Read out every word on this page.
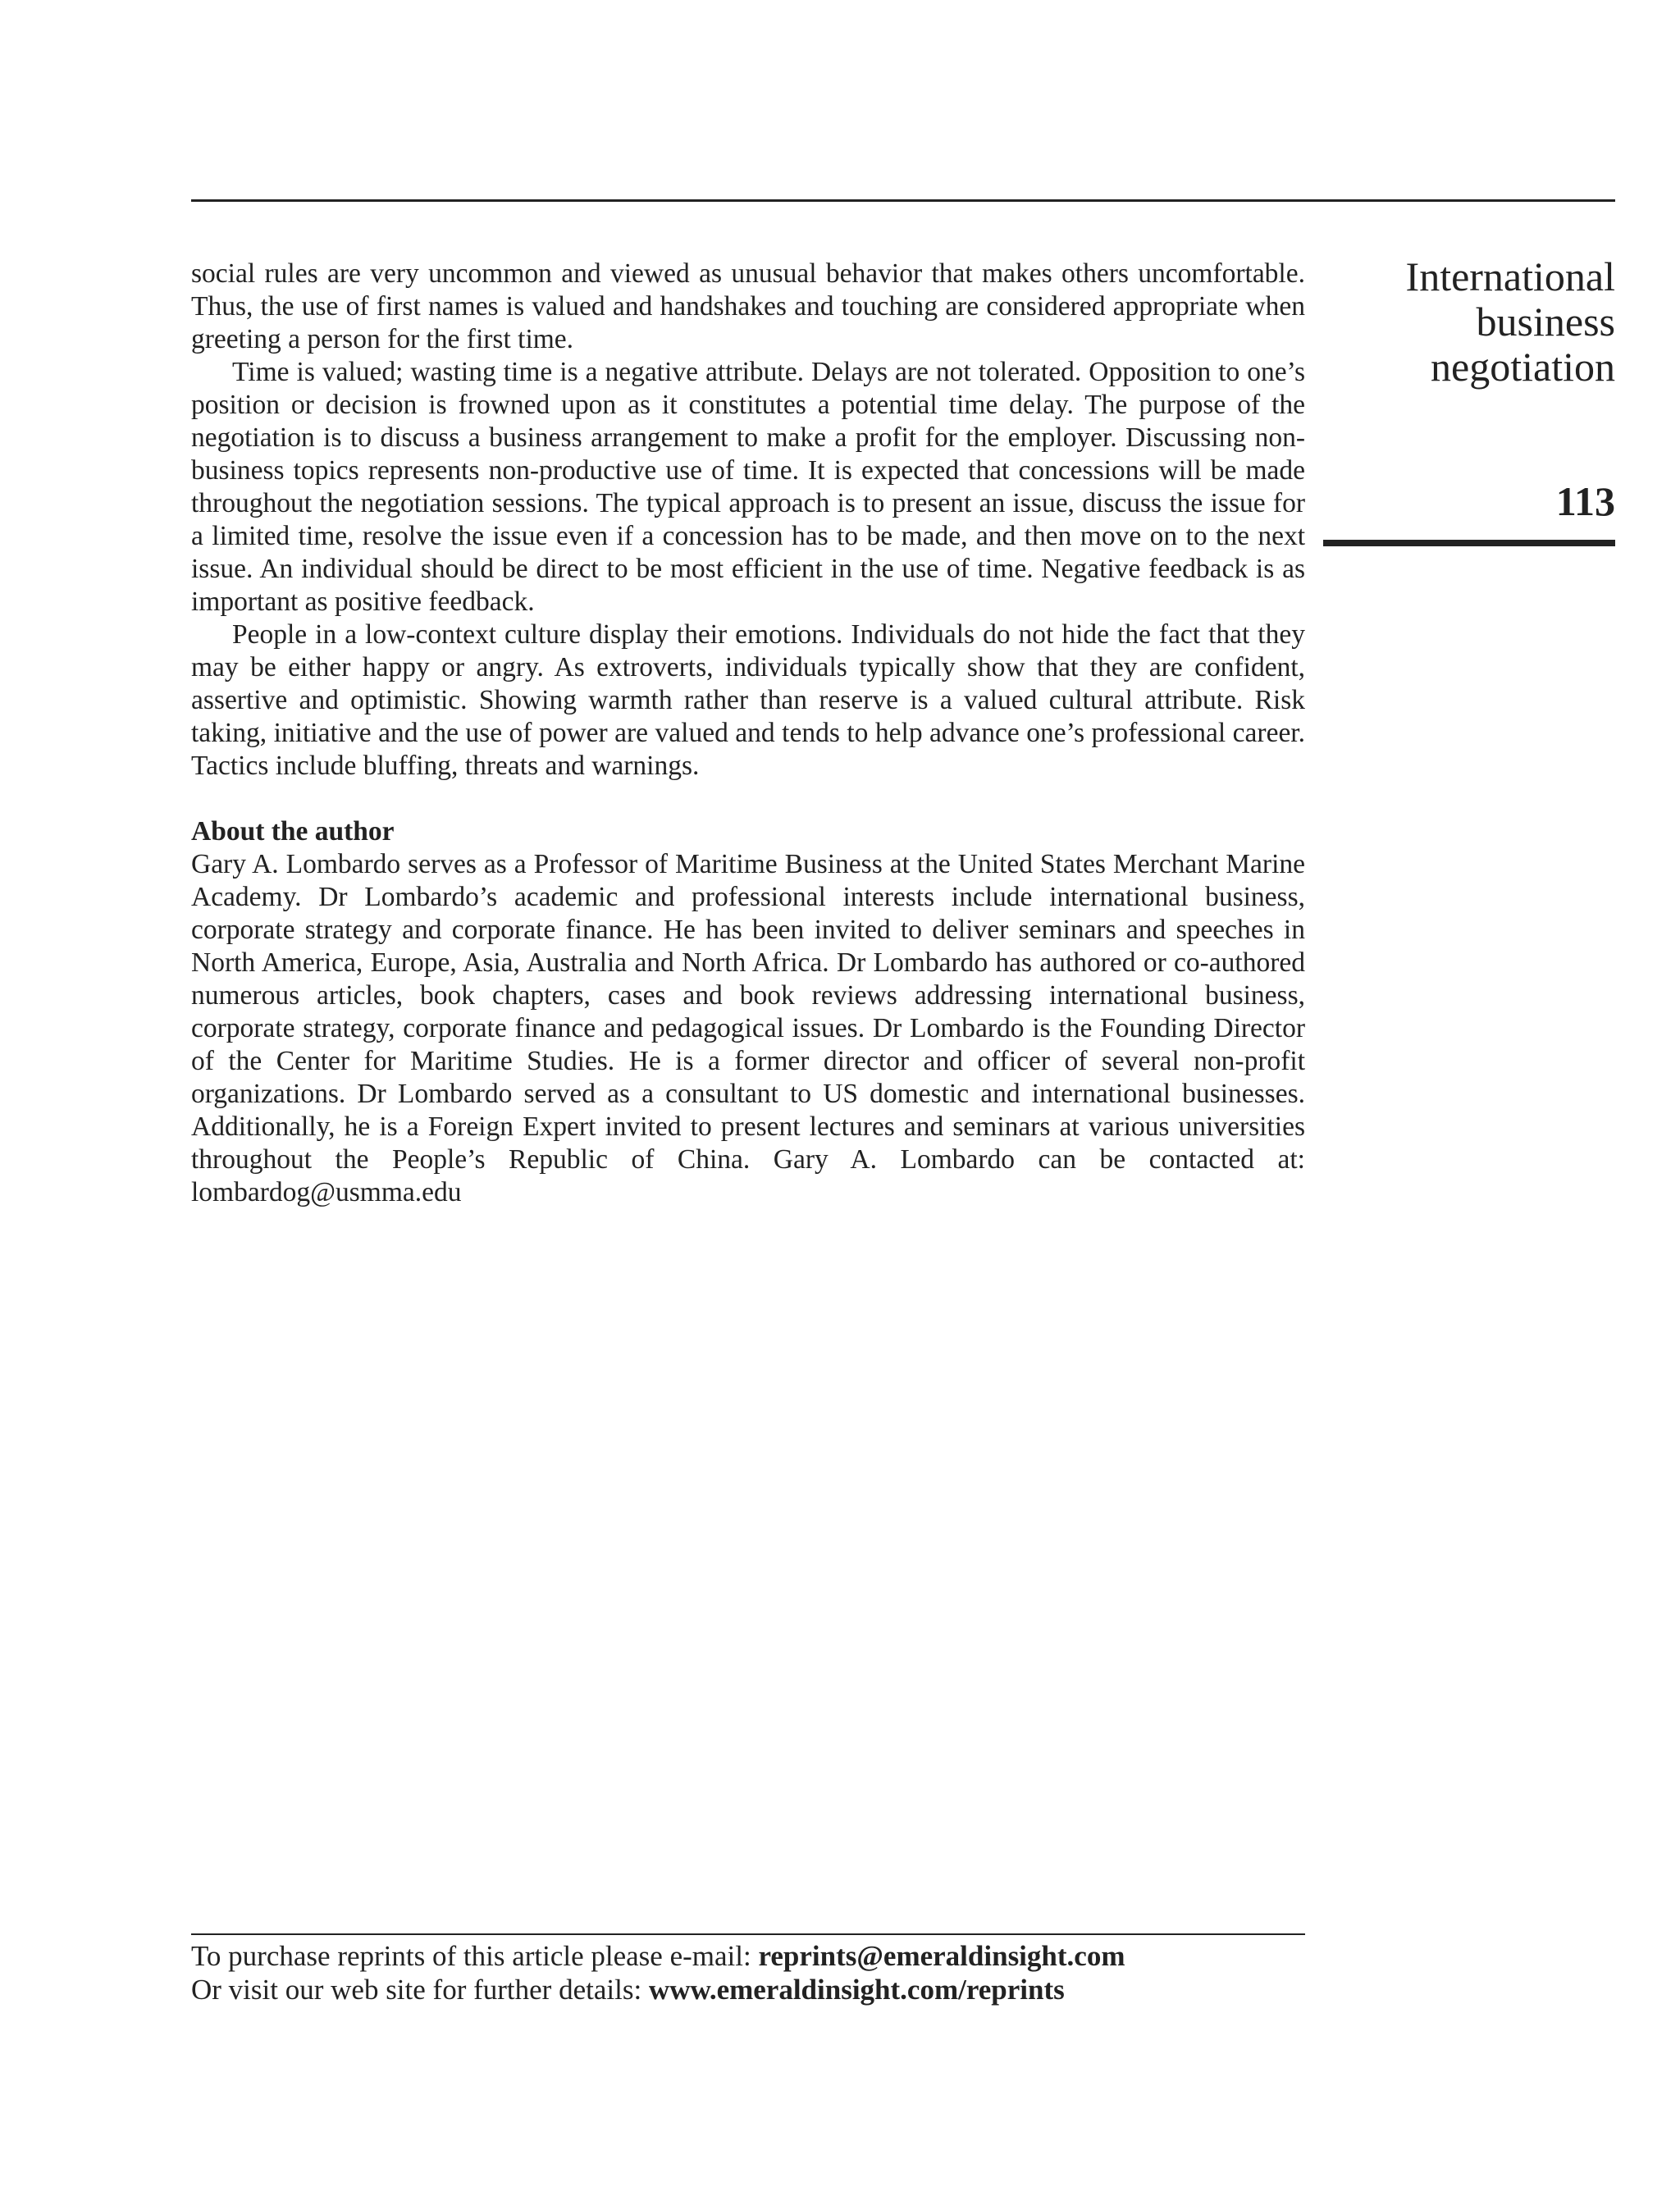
International
business
negotiation
113

social rules are very uncommon and viewed as unusual behavior that makes others uncomfortable. Thus, the use of first names is valued and handshakes and touching are considered appropriate when greeting a person for the first time.

Time is valued; wasting time is a negative attribute. Delays are not tolerated. Opposition to one’s position or decision is frowned upon as it constitutes a potential time delay. The purpose of the negotiation is to discuss a business arrangement to make a profit for the employer. Discussing non-business topics represents non-productive use of time. It is expected that concessions will be made throughout the negotiation sessions. The typical approach is to present an issue, discuss the issue for a limited time, resolve the issue even if a concession has to be made, and then move on to the next issue. An individual should be direct to be most efficient in the use of time. Negative feedback is as important as positive feedback.

People in a low-context culture display their emotions. Individuals do not hide the fact that they may be either happy or angry. As extroverts, individuals typically show that they are confident, assertive and optimistic. Showing warmth rather than reserve is a valued cultural attribute. Risk taking, initiative and the use of power are valued and tends to help advance one’s professional career. Tactics include bluffing, threats and warnings.

About the author

Gary A. Lombardo serves as a Professor of Maritime Business at the United States Merchant Marine Academy. Dr Lombardo’s academic and professional interests include international business, corporate strategy and corporate finance. He has been invited to deliver seminars and speeches in North America, Europe, Asia, Australia and North Africa. Dr Lombardo has authored or co-authored numerous articles, book chapters, cases and book reviews addressing international business, corporate strategy, corporate finance and pedagogical issues. Dr Lombardo is the Founding Director of the Center for Maritime Studies. He is a former director and officer of several non-profit organizations. Dr Lombardo served as a consultant to US domestic and international businesses. Additionally, he is a Foreign Expert invited to present lectures and seminars at various universities throughout the People’s Republic of China. Gary A. Lombardo can be contacted at: lombardog@usmma.edu

To purchase reprints of this article please e-mail: reprints@emeraldinsight.com

Or visit our web site for further details: www.emeraldinsight.com/reprints
